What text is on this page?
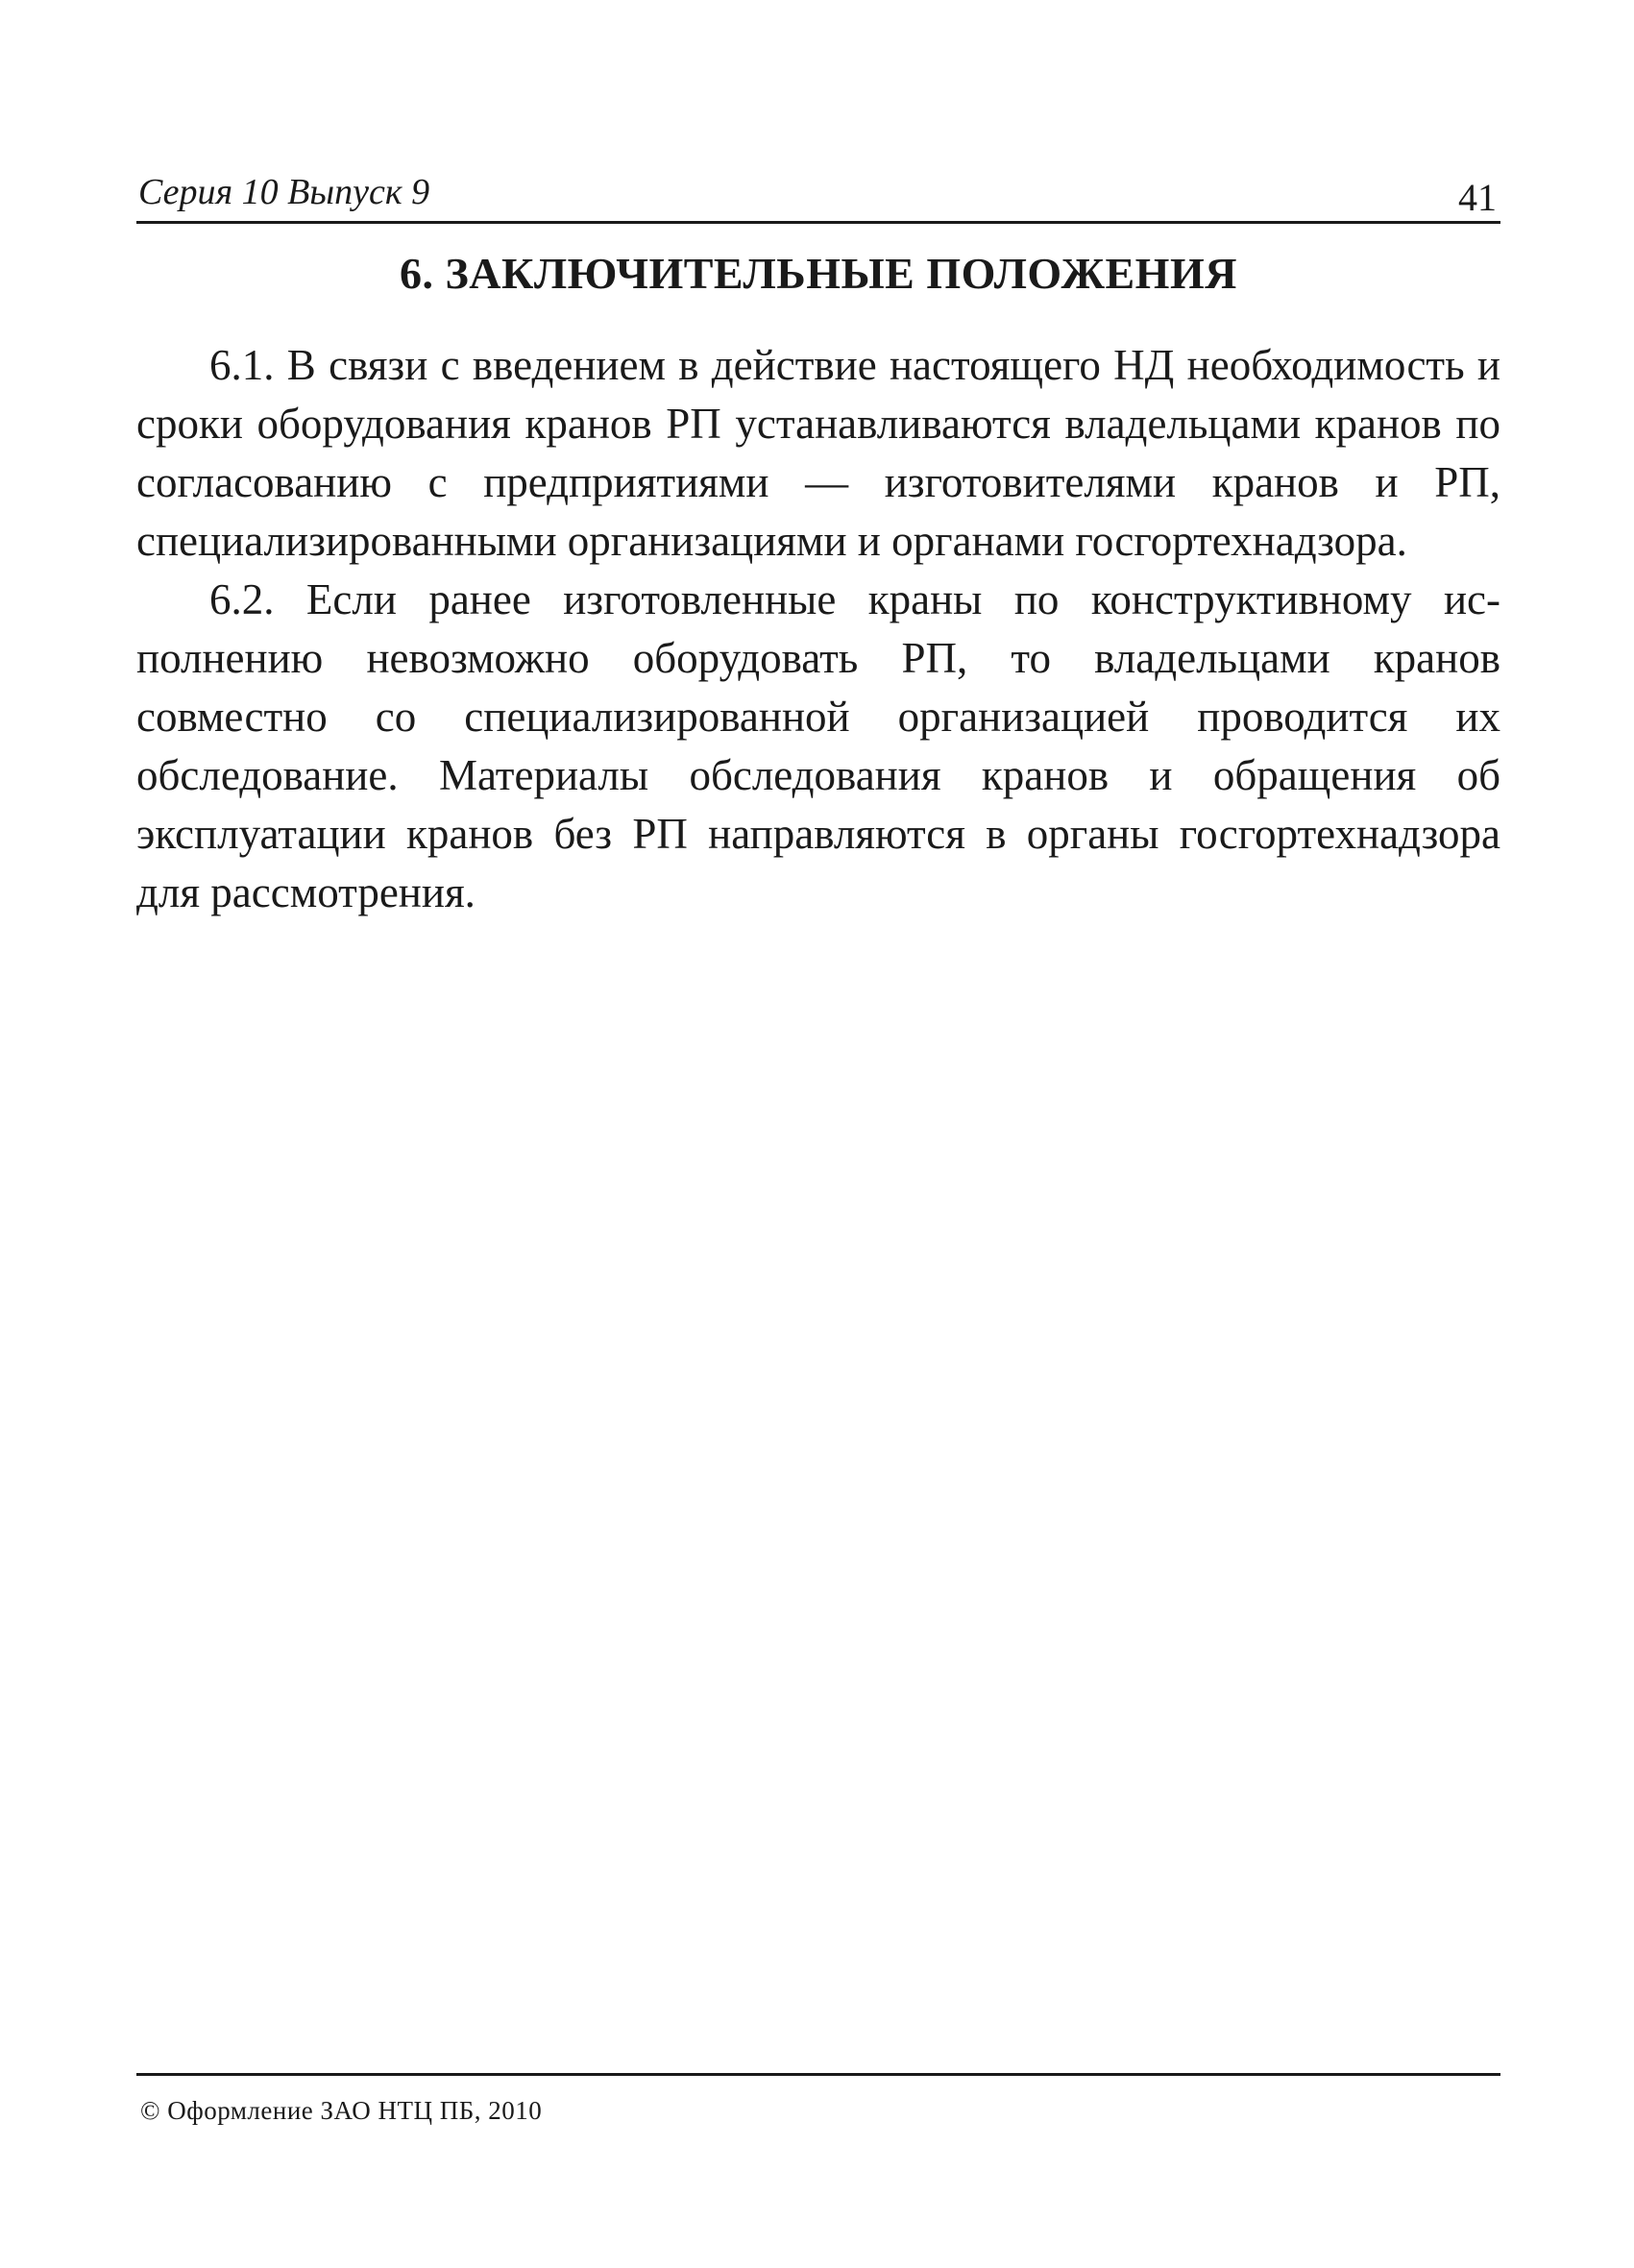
Серия 10 Выпуск 9	41
6. ЗАКЛЮЧИТЕЛЬНЫЕ ПОЛОЖЕНИЯ

6.1. В связи с введением в действие настоящего НД необходимость и сроки оборудования кранов РП устанавливаются владельцами кранов по согласованию с предприятиями — изготовителями кранов и РП, специализированными организациями и органами госгортехнадзора.

6.2. Если ранее изготовленные краны по конструктивному исполнению невозможно оборудовать РП, то владельцами кранов совместно со специализированной организацией проводится их обследование. Материалы обследования кранов и обращения об эксплуатации кранов без РП направляются в органы госгортехнадзора для рассмотрения.

© Оформление ЗАО НТЦ ПБ, 2010
